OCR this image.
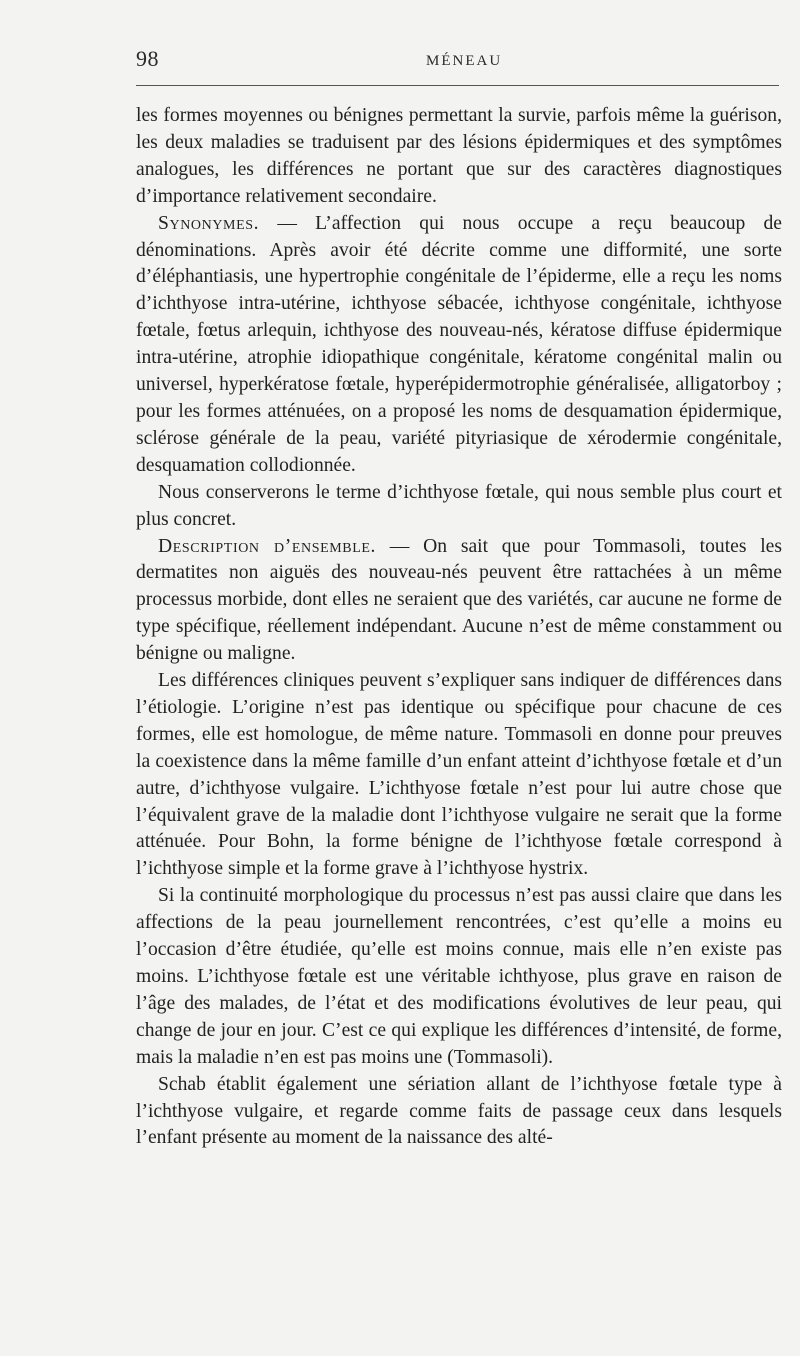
98	MÉNEAU

les formes moyennes ou bénignes permettant la survie, parfois même la guérison, les deux maladies se traduisent par des lésions épidermiques et des symptômes analogues, les différences ne portant que sur des caractères diagnostiques d’importance relativement secondaire.

Synonymes. — L’affection qui nous occupe a reçu beaucoup de dénominations. Après avoir été décrite comme une difformité, une sorte d’éléphantiasis, une hypertrophie congénitale de l’épiderme, elle a reçu les noms d’ichthyose intra-utérine, ichthyose sébacée, ichthyose congénitale, ichthyose fœtale, fœtus arlequin, ichthyose des nouveau-nés, kératose diffuse épidermique intra-utérine, atrophie idiopathique congénitale, kératome congénital malin ou universel, hyperkératose fœtale, hyperépidermotrophie généralisée, alligatorboy ; pour les formes atténuées, on a proposé les noms de desquamation épidermique, sclérose générale de la peau, variété pityriasique de xérodermie congénitale, desquamation collodionnée.

Nous conserverons le terme d’ichthyose fœtale, qui nous semble plus court et plus concret.

Description d’ensemble. — On sait que pour Tommasoli, toutes les dermatites non aiguës des nouveau-nés peuvent être rattachées à un même processus morbide, dont elles ne seraient que des variétés, car aucune ne forme de type spécifique, réellement indépendant. Aucune n’est de même constamment ou bénigne ou maligne.

Les différences cliniques peuvent s’expliquer sans indiquer de différences dans l’étiologie. L’origine n’est pas identique ou spécifique pour chacune de ces formes, elle est homologue, de même nature. Tommasoli en donne pour preuves la coexistence dans la même famille d’un enfant atteint d’ichthyose fœtale et d’un autre, d’ichthyose vulgaire. L’ichthyose fœtale n’est pour lui autre chose que l’équivalent grave de la maladie dont l’ichthyose vulgaire ne serait que la forme atténuée. Pour Bohn, la forme bénigne de l’ichthyose fœtale correspond à l’ichthyose simple et la forme grave à l’ichthyose hystrix.

Si la continuité morphologique du processus n’est pas aussi claire que dans les affections de la peau journellement rencontrées, c’est qu’elle a moins eu l’occasion d’être étudiée, qu’elle est moins connue, mais elle n’en existe pas moins. L’ichthyose fœtale est une véritable ichthyose, plus grave en raison de l’âge des malades, de l’état et des modifications évolutives de leur peau, qui change de jour en jour. C’est ce qui explique les différences d’intensité, de forme, mais la maladie n’en est pas moins une (Tommasoli).

Schab établit également une sériation allant de l’ichthyose fœtale type à l’ichthyose vulgaire, et regarde comme faits de passage ceux dans lesquels l’enfant présente au moment de la naissance des alté-
